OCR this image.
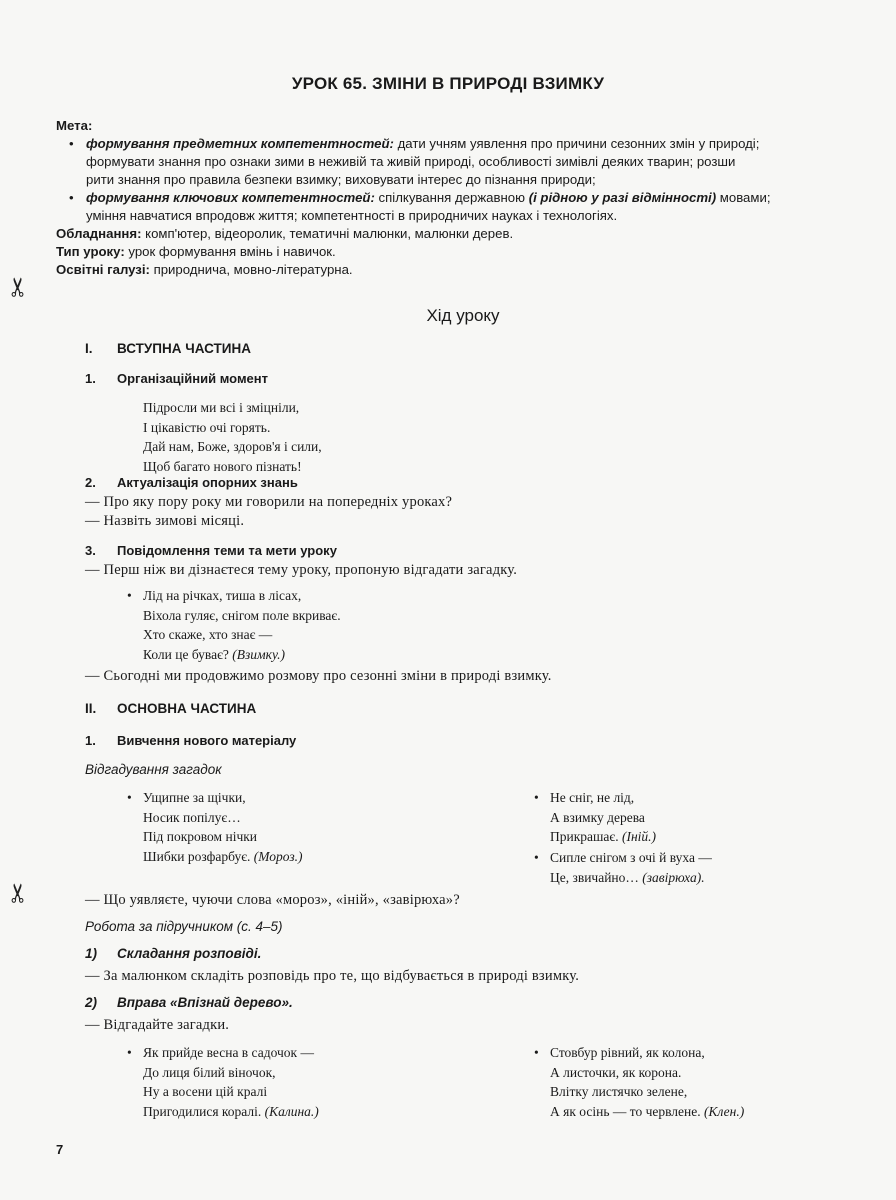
✂
✂
УРОК 65. ЗМІНИ В ПРИРОДІ ВЗИМКУ
Мета:
• формування предметних компетентностей: дати учням уявлення про причини сезонних змін у природі;
формувати знання про ознаки зими в неживій та живій природі, особливості зимівлі деяких тварин; розши
рити знання про правила безпеки взимку; виховувати інтерес до пізнання природи;
• формування ключових компетентностей: спілкування державною (і рідною у разі відмінності) мовами;
уміння навчатися впродовж життя; компетентності в природничих науках і технологіях.
Обладнання: комп'ютер, відеоролик, тематичні малюнки, малюнки дерев.
Тип уроку: урок формування вмінь і навичок.
Освітні галузі: природнича, мовно-літературна.
Хід уроку
I. ВСТУПНА ЧАСТИНА
1. Організаційний момент
Підросли ми всі і зміцніли,
І цікавістю очі горять.
Дай нам, Боже, здоров'я і сили,
Щоб багато нового пізнать!
2. Актуалізація опорних знань
— Про яку пору року ми говорили на попередніх уроках?
— Назвіть зимові місяці.
3. Повідомлення теми та мети уроку
— Перш ніж ви дізнаєтеся тему уроку, пропоную відгадати загадку.
• Лід на річках, тиша в лісах,
Віхола гуляє, снігом поле вкриває.
Хто скаже, хто знає —
Коли це буває? (Взимку.)
— Сьогодні ми продовжимо розмову про сезонні зміни в природі взимку.
II. ОСНОВНА ЧАСТИНА
1. Вивчення нового матеріалу
Відгадування загадок
• Ущипне за щічки,
Носик попілує…
Під покровом нічки
Шибки розфарбує. (Мороз.)
• Не сніг, не лід,
А взимку дерева
Прикрашає. (Іній.)
• Сипле снігом з очі й вуха —
Це, звичайно… (завірюха).
— Що уявляєте, чуючи слова «мороз», «іній», «завірюха»?
Робота за підручником (с. 4–5)
1) Складання розповіді.
— За малюнком складіть розповідь про те, що відбувається в природі взимку.
2) Вправа «Впізнай дерево».
— Відгадайте загадки.
• Як прийде весна в садочок —
До лиця білий віночок,
Ну а восени цій кралі
Пригодилися коралі. (Калина.)
• Стовбур рівний, як колона,
А листочки, як корона.
Влітку листячко зелене,
А як осінь — то червлене. (Клен.)
7
